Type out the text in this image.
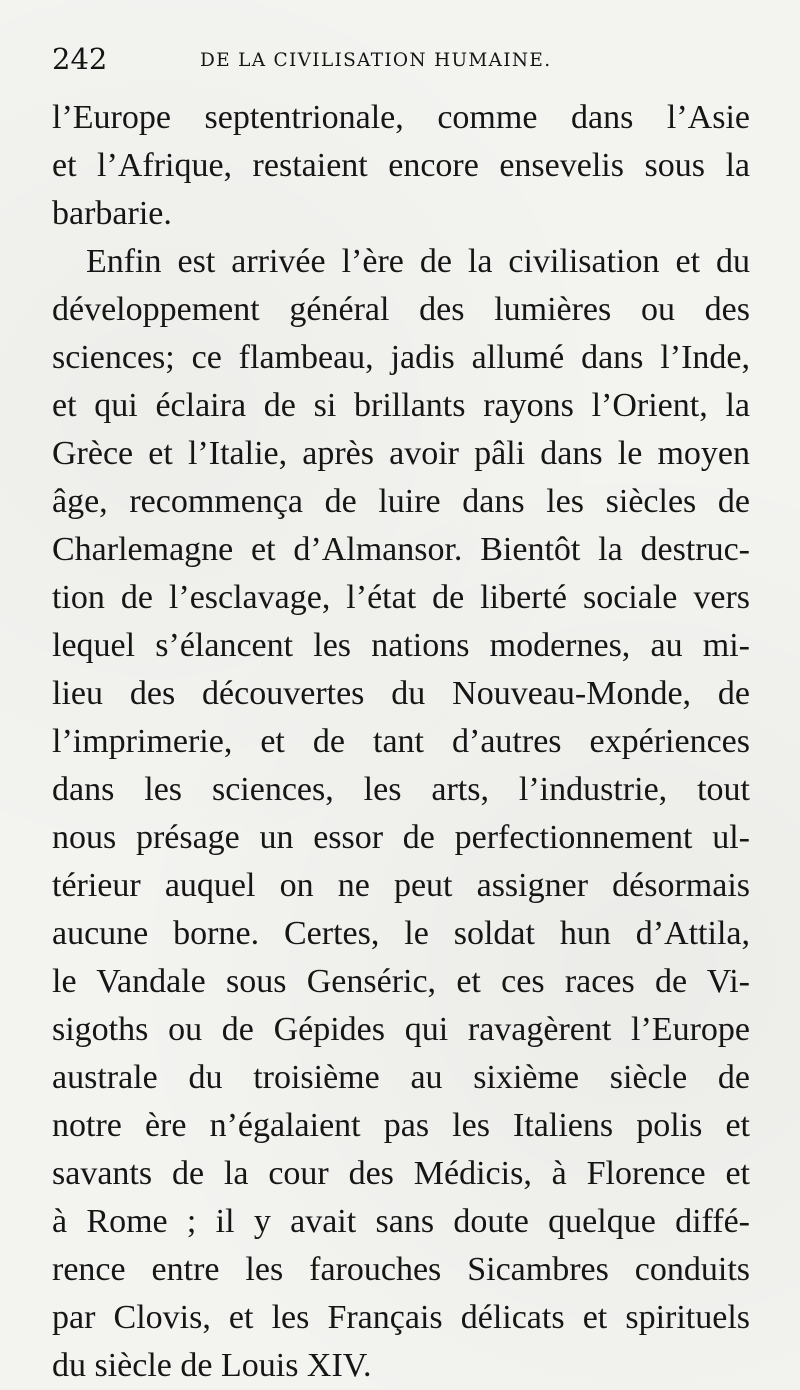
242	DE LA CIVILISATION HUMAINE.
l’Europe septentrionale, comme dans l’Asie
et l’Afrique, restaient encore ensevelis sous la
barbarie.
Enfin est arrivée l’ère de la civilisation et du
développement général des lumières ou des
sciences; ce flambeau, jadis allumé dans l’Inde,
et qui éclaira de si brillants rayons l’Orient, la
Grèce et l’Italie, après avoir pâli dans le moyen
âge, recommença de luire dans les siècles de
Charlemagne et d’Almansor. Bientôt la destruc-
tion de l’esclavage, l’état de liberté sociale vers
lequel s’élancent les nations modernes, au mi-
lieu des découvertes du Nouveau-Monde, de
l’imprimerie, et de tant d’autres expériences
dans les sciences, les arts, l’industrie, tout
nous présage un essor de perfectionnement ul-
térieur auquel on ne peut assigner désormais
aucune borne. Certes, le soldat hun d’Attila,
le Vandale sous Genséric, et ces races de Vi-
sigoths ou de Gépides qui ravagèrent l’Europe
australe du troisième au sixième siècle de
notre ère n’égalaient pas les Italiens polis et
savants de la cour des Médicis, à Florence et
à Rome ; il y avait sans doute quelque diffé-
rence entre les farouches Sicambres conduits
par Clovis, et les Français délicats et spirituels
du siècle de Louis XIV.
